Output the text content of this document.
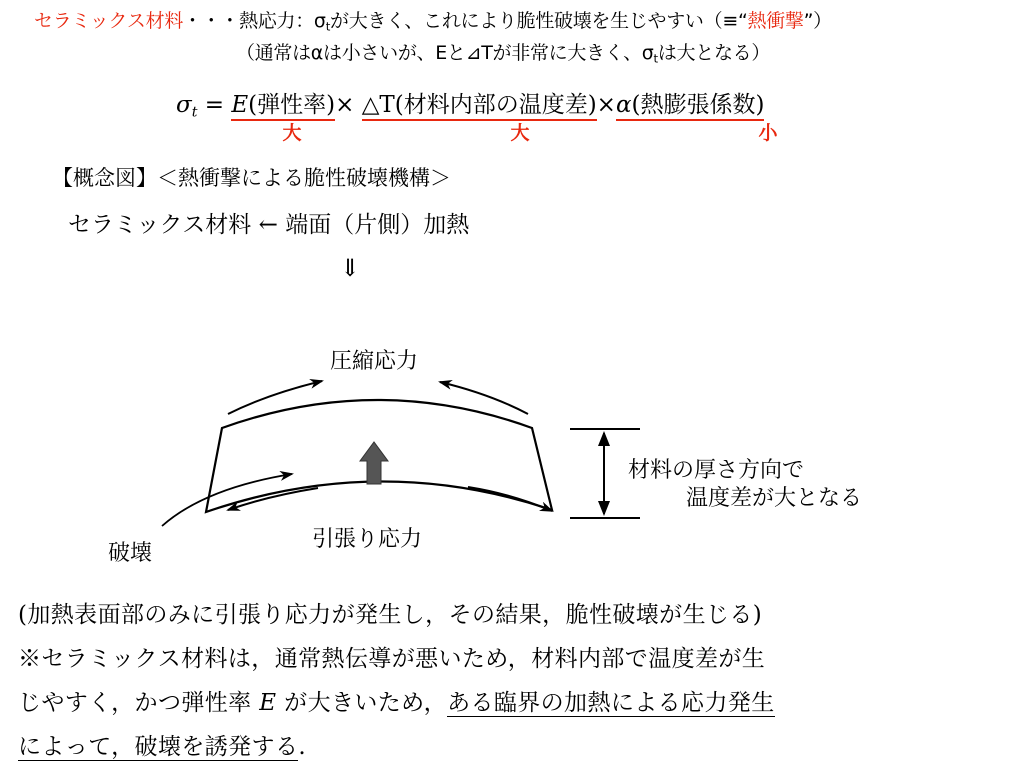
セラミックス材料・・・熱応力：$\sigma_t$が大きく、これにより脆性破壊を生じやすい（≡“熱衝撃”）
（通常はαは小さいが、Eと⊿Tが非常に大きく、$\sigma_t$は大となる）
$\sigma_t = E$(弾性率)× △T(材料内部の温度差)×α(熱膨張係数)
大	大	小
【概念図】＜熱衝撃による脆性破壊機構＞
セラミックス材料 ← 端面（片側）加熱
⇓
圧縮応力
引張り応力
破壊
材料の厚さ方向で
温度差が大となる
(加熱表面部のみに引張り応力が発生し，その結果，脆性破壊が生じる)
※セラミックス材料は，通常熱伝導が悪いため，材料内部で温度差が生
じやすく，かつ弾性率 E が大きいため，ある臨界の加熱による応力発生
によって，破壊を誘発する.
